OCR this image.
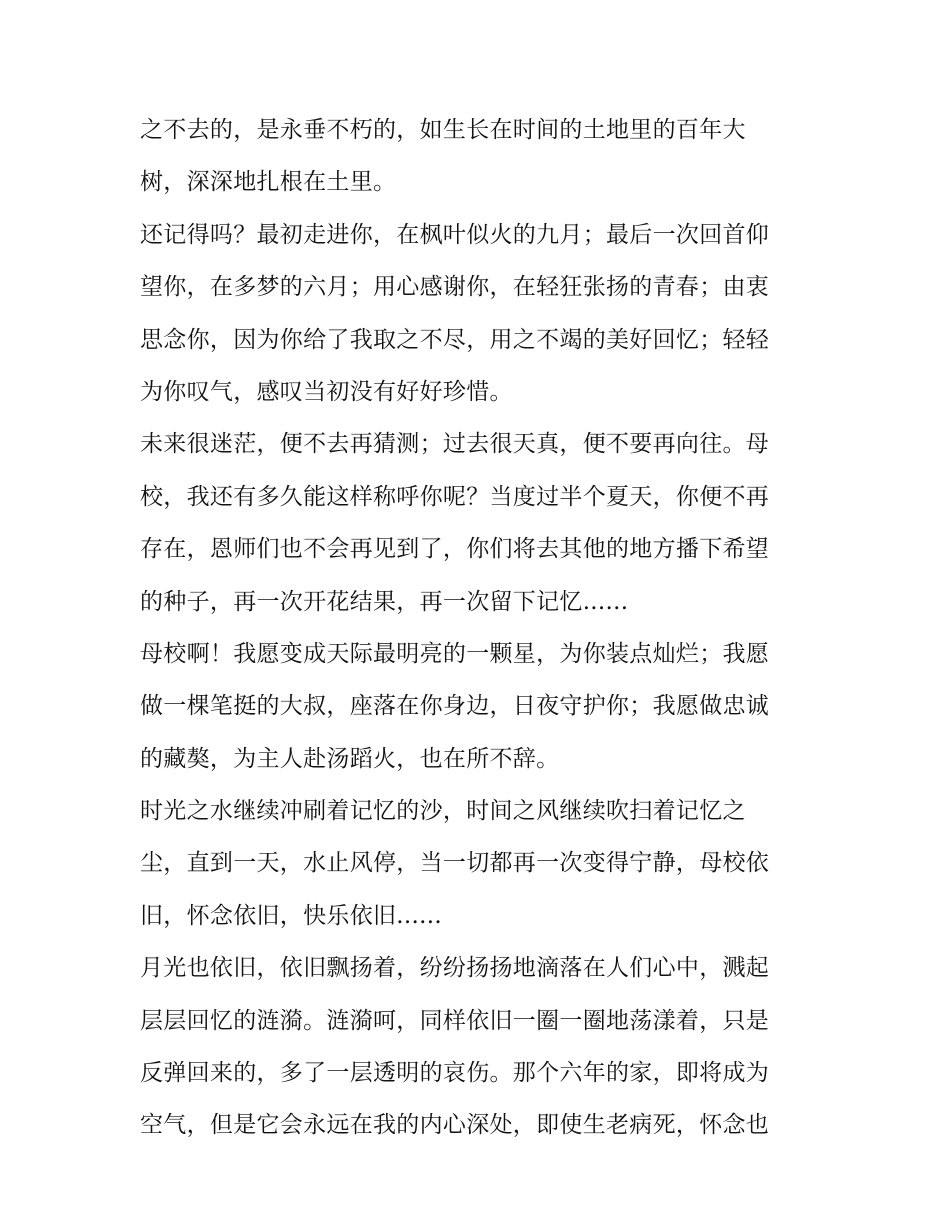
之不去的，是永垂不朽的，如生长在时间的土地里的百年大
树，深深地扎根在土里。
还记得吗？最初走进你，在枫叶似火的九月；最后一次回首仰
望你，在多梦的六月；用心感谢你，在轻狂张扬的青春；由衷
思念你，因为你给了我取之不尽，用之不竭的美好回忆；轻轻
为你叹气，感叹当初没有好好珍惜。
未来很迷茫，便不去再猜测；过去很天真，便不要再向往。母
校，我还有多久能这样称呼你呢？当度过半个夏天，你便不再
存在，恩师们也不会再见到了，你们将去其他的地方播下希望
的种子，再一次开花结果，再一次留下记忆......
母校啊！我愿变成天际最明亮的一颗星，为你装点灿烂；我愿
做一棵笔挺的大叔，座落在你身边，日夜守护你；我愿做忠诚
的藏獒，为主人赴汤蹈火，也在所不辞。
时光之水继续冲刷着记忆的沙，时间之风继续吹扫着记忆之
尘，直到一天，水止风停，当一切都再一次变得宁静，母校依
旧，怀念依旧，快乐依旧......
月光也依旧，依旧飘扬着，纷纷扬扬地滴落在人们心中，溅起
层层回忆的涟漪。涟漪呵，同样依旧一圈一圈地荡漾着，只是
反弹回来的，多了一层透明的哀伤。那个六年的家，即将成为
空气，但是它会永远在我的内心深处，即使生老病死，怀念也
